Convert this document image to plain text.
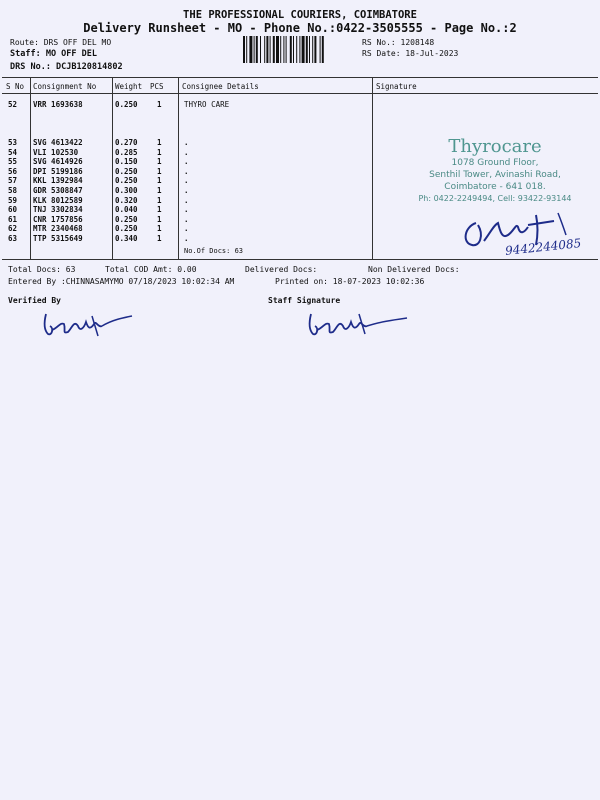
THE PROFESSIONAL COURIERS, COIMBATORE
Delivery Runsheet - MO - Phone No.:0422-3505555 - Page No.:2
Route: DRS OFF DEL MO
Staff: MO OFF DEL
DRS No.: DCJB120814802
RS No.: 1208148
RS Date: 18-Jul-2023
S No Consignment No	Weight PCS Consignee Details	Signature
52 VRR 1693638	0.250	1	THYRO CARE
53 SVG 4613422	0.270	1	.
54 VLI 102530	0.285	1	.
55 SVG 4614926	0.150	1	.
56 DPI 5199186	0.250	1	.
57 KKL 1392984	0.250	1	.
58 GDR 5308847	0.300	1	.
59 KLK 8012589	0.320	1	.
60 TNJ 3302834	0.040	1	.
61 CNR 1757856	0.250	1	.
62 MTR 2340468	0.250	1	.
63 TTP 5315649	0.340	1	.
No.Of Docs: 63
Thyrocare
1078 Ground Floor,
Senthil Tower, Avinashi Road,
Coimbatore - 641 018.
Ph: 0422-2249494, Cell: 93422-93144
9442244085
Total Docs: 63	Total COD Amt: 0.00	Delivered Docs:	Non Delivered Docs:
Entered By :CHINNASAMYMO 07/18/2023 10:02:34 AM	Printed on: 18-07-2023 10:02:36
Verified By	Staff Signature
